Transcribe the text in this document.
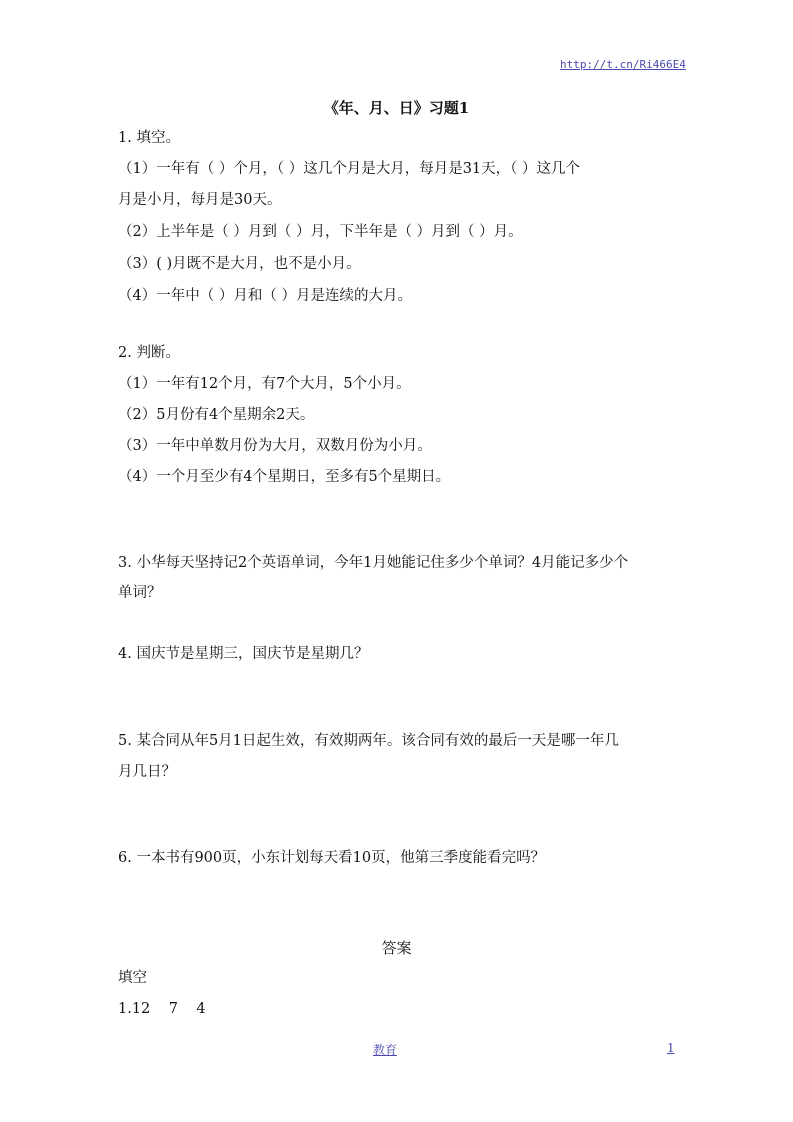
http://t.cn/Ri466E4
《年、月、日》习题1
1. 填空。
（1）一年有（ ）个月，（ ）这几个月是大月，每月是31天，（ ）这几个
月是小月，每月是30天。
（2）上半年是（ ）月到（ ）月，下半年是（ ）月到（ ）月。
（3）( )月既不是大月，也不是小月。
（4）一年中（ ）月和（ ）月是连续的大月。
2. 判断。
（1）一年有12个月，有7个大月，5个小月。
（2）5月份有4个星期余2天。
（3）一年中单数月份为大月，双数月份为小月。
（4）一个月至少有4个星期日，至多有5个星期日。
3. 小华每天坚持记2个英语单词，今年1月她能记住多少个单词？4月能记多少个
单词？
4. 国庆节是星期三，国庆节是星期几？
5. 某合同从年5月1日起生效，有效期两年。该合同有效的最后一天是哪一年几
月几日？
6. 一本书有900页，小东计划每天看10页，他第三季度能看完吗？
答案
填空
1.12    7    4
教育	1
